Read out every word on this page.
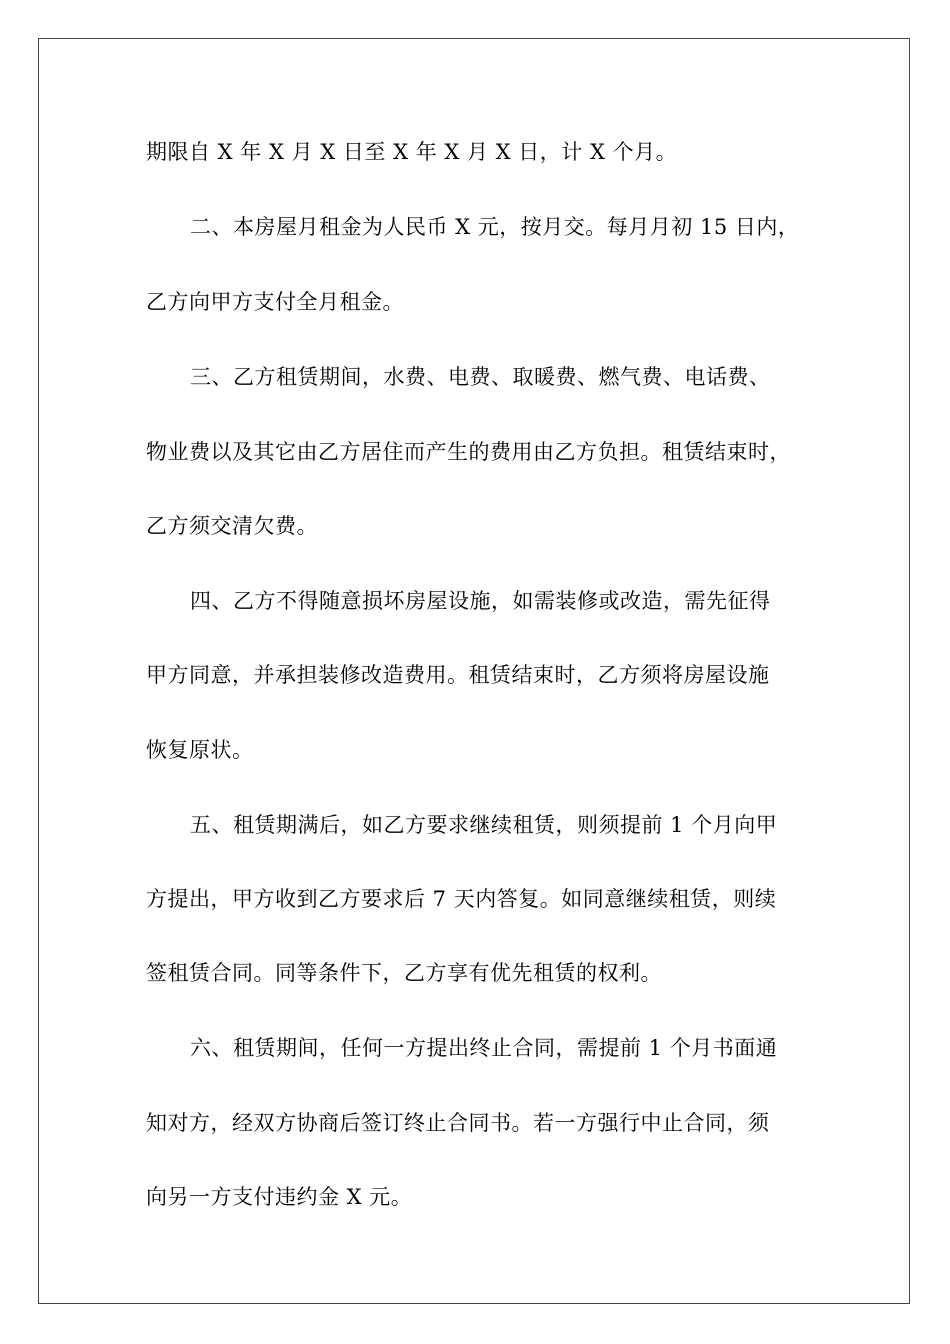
期限自 X 年 X 月 X 日至 X 年 X 月 X 日，计 X 个月。
二、本房屋月租金为人民币 X 元，按月交。每月月初 15 日内，
乙方向甲方支付全月租金。
三、乙方租赁期间，水费、电费、取暖费、燃气费、电话费、
物业费以及其它由乙方居住而产生的费用由乙方负担。租赁结束时，
乙方须交清欠费。
四、乙方不得随意损坏房屋设施，如需装修或改造，需先征得
甲方同意，并承担装修改造费用。租赁结束时，乙方须将房屋设施
恢复原状。
五、租赁期满后，如乙方要求继续租赁，则须提前 1 个月向甲
方提出，甲方收到乙方要求后 7 天内答复。如同意继续租赁，则续
签租赁合同。同等条件下，乙方享有优先租赁的权利。
六、租赁期间，任何一方提出终止合同，需提前 1 个月书面通
知对方，经双方协商后签订终止合同书。若一方强行中止合同，须
向另一方支付违约金 X 元。
